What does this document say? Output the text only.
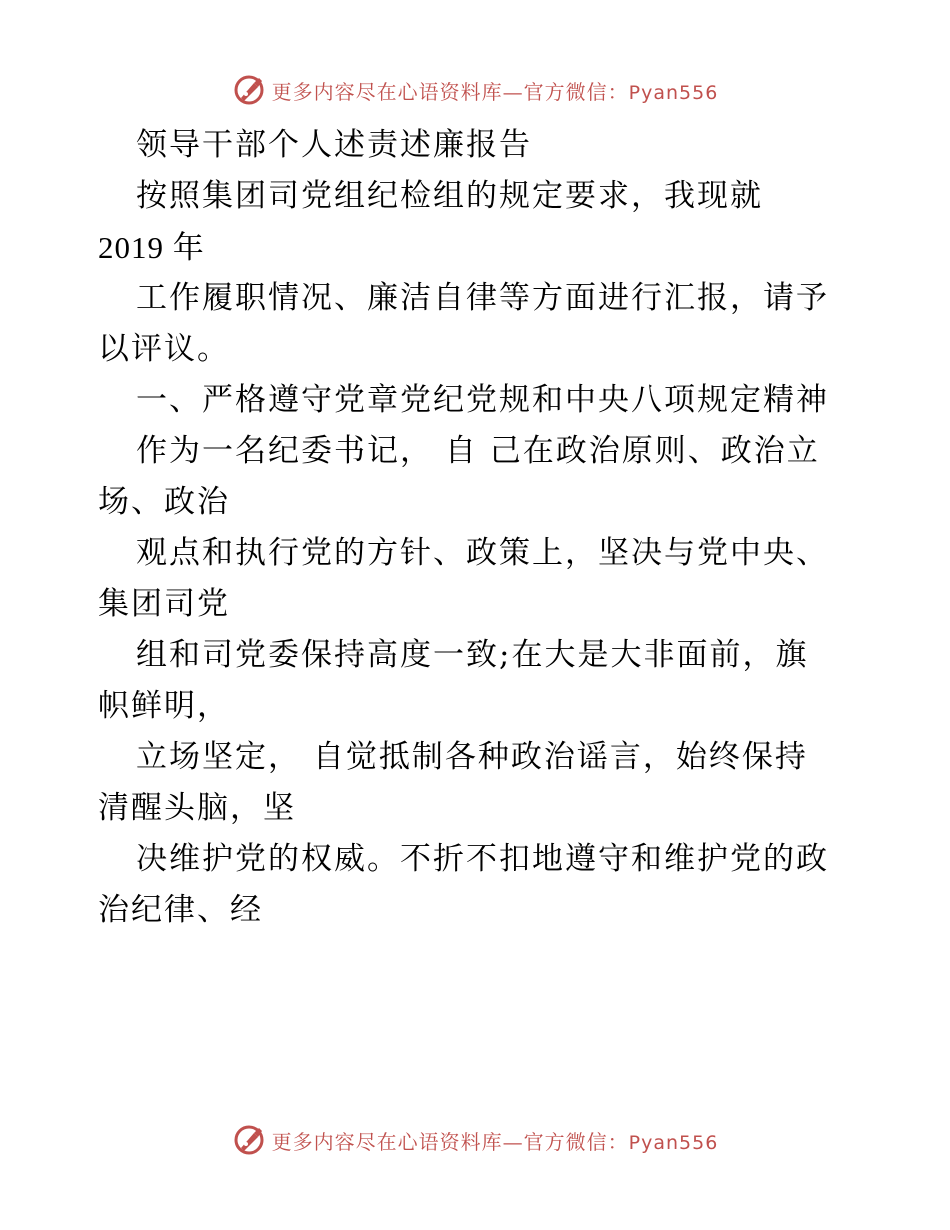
更多内容尽在心语资料库—官方微信：Pyan556
领导干部个人述责述廉报告
按照集团司党组纪检组的规定要求，我现就
2019 年
工作履职情况、廉洁自律等方面进行汇报，请予
以评议。
一、严格遵守党章党纪党规和中央八项规定精神
作为一名纪委书记， 自 己在政治原则、政治立
场、政治
观点和执行党的方针、政策上，坚决与党中央、
集团司党
组和司党委保持高度一致;在大是大非面前，旗
帜鲜明，
立场坚定， 自觉抵制各种政治谣言，始终保持
清醒头脑，坚
决维护党的权威。不折不扣地遵守和维护党的政
治纪律、经
更多内容尽在心语资料库—官方微信：Pyan556
